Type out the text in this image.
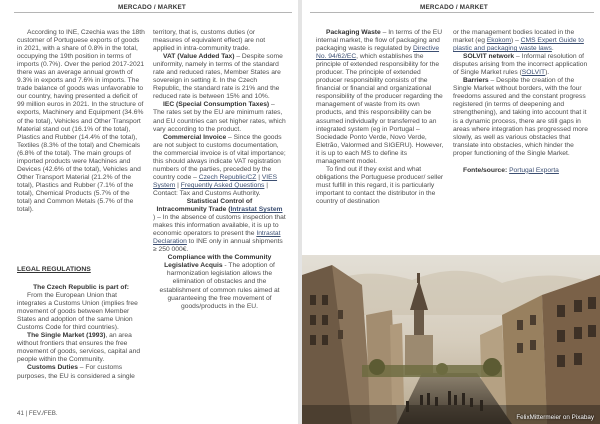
MERCADO / MARKET

According to INE, Czechia was the 18th customer of Portuguese exports of goods in 2021, with a share of 0.8% in the total, occupying the 19th position in terms of imports (0.7%). Over the period 2017-2021 there was an average annual growth of 9.3% in exports and 7.6% in imports. The trade balance of goods was unfavorable to our country, having presented a deficit of 99 million euros in 2021. In the structure of exports, Machinery and Equipment (34.6% of the total), Vehicles and Other Transport Material stand out (16.1% of the total), Plastics and Rubber (14.4% of the total), Textiles (8.3% of the total) and Chemicals (6.8% of the total). The main groups of imported products were Machines and Devices (42.6% of the total), Vehicles and Other Transport Material (21.2% of the total), Plastics and Rubber (7.1% of the total), Chemical Products (5.7% of the total) and Common Metals (5.7% of the total).

LEGAL REGULATIONS

The Czech Republic is part of:

From the European Union that integrates a Customs Union (implies free movement of goods between Member States and adoption of the same Union Customs Code for third countries).

The Single Market (1993), an area without frontiers that ensures the free movement of goods, services, capital and people within the Community.

Customs Duties – For customs purposes, the EU is considered a single

territory, that is, customs duties (or measures of equivalent effect) are not applied in intra-community trade.

VAT (Value Added Tax) – Despite some uniformity, namely in terms of the standard rate and reduced rates, Member States are sovereign in setting it. In the Czech Republic, the standard rate is 21% and the reduced rate is between 15% and 10%.

IEC (Special Consumption Taxes) – The rates set by the EU are minimum rates, and EU countries can set higher rates, which vary according to the product.

Commercial Invoice – Since the goods are not subject to customs documentation, the commercial invoice is of vital importance; this should always indicate VAT registration numbers of the parties, preceded by the country code – Czech Republic/CZ | VIES System | Frequently Asked Questions | Contact: Tax and Customs Authority.

Statistical Control of
Intracommunity Trade (Intrastat System

) – In the absence of customs inspection that makes this information available, it is up to economic operators to present the Intrastat Declaration to INE only in annual shipments ≥ 250 000€.

Compliance with the Community
Legislative Acquis - The adoption of harmonization legislation allows the elimination of obstacles and the establishment of common rules aimed at guaranteeing the free movement of goods/products in the EU.

41 | FEV./FEB.
MERCADO / MARKET

Packaging Waste – In terms of the EU internal market, the flow of packaging and packaging waste is regulated by Directive No. 94/62/EC, which establishes the principle of extended responsibility for the producer. The principle of extended producer responsibility consists of the financial or financial and organizational responsibility of the producer regarding the management of waste from its own products, and this responsibility can be assumed individually or transferred to an integrated system (eg in Portugal – Sociedade Ponto Verde, Novo Verde, Eletrão, Valormed and SIGERU). However, it is up to each MS to define its management model.

To find out if they exist and what obligations the Portuguese producer/ seller must fulfill in this regard, it is particularly important to contact the distributor in the country of destination

or the management bodies located in the market (eg Ekokom) – CMS Expert Guide to plastic and packaging waste laws.

SOLVIT network – Informal resolution of disputes arising from the incorrect application of Single Market rules (SOLVIT).

Barriers – Despite the creation of the Single Market without borders, with the four freedoms assured and the constant progress registered (in terms of deepening and strengthening), and taking into account that it is a dynamic process, there are still gaps in areas where integration has progressed more slowly, as well as various obstacles that translate into obstacles, which hinder the proper functioning of the Single Market.

Fonte/source: Portugal Exporta

FelixMittermeier on Pixabay
